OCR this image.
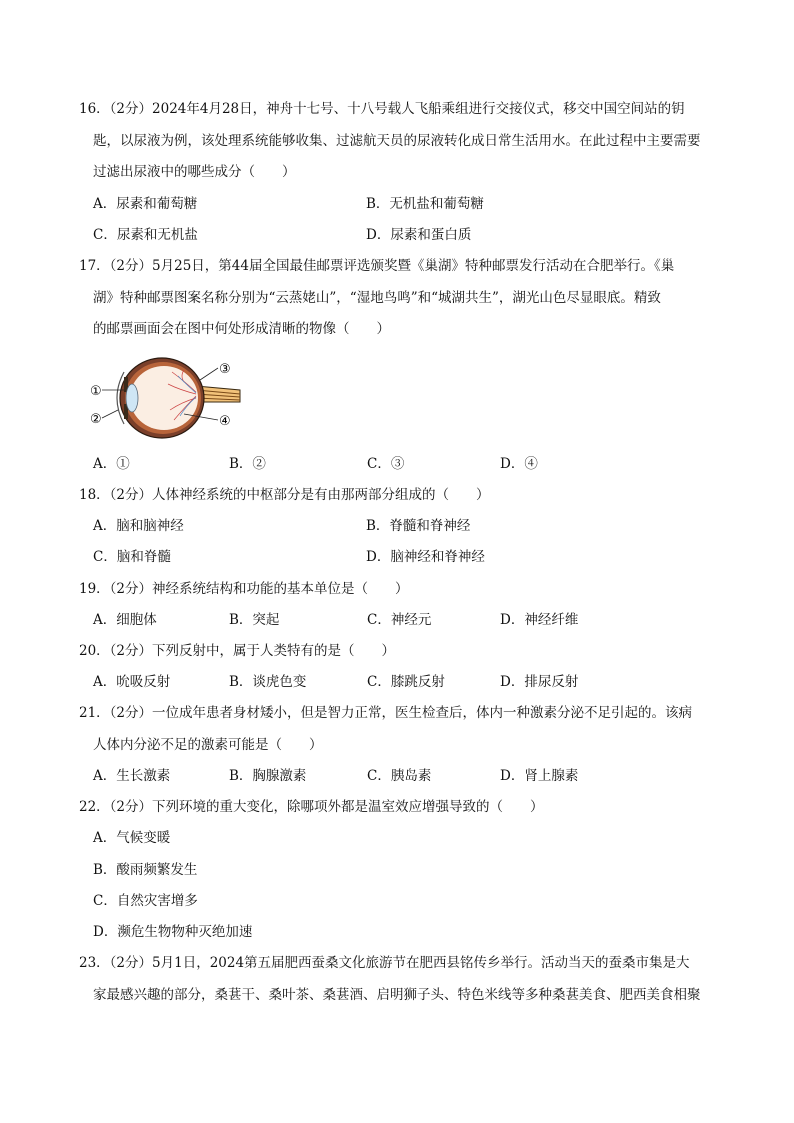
16．（2分）2024年4月28日，神舟十七号、十八号载人飞船乘组进行交接仪式，移交中国空间站的钥
匙，以尿液为例，该处理系统能够收集、过滤航天员的尿液转化成日常生活用水。在此过程中主要需要
过滤出尿液中的哪些成分（　　）
A．尿素和葡萄糖	B．无机盐和葡萄糖
C．尿素和无机盐	D．尿素和蛋白质
17．（2分）5月25日，第44届全国最佳邮票评选颁奖暨《巢湖》特种邮票发行活动在合肥举行。《巢
湖》特种邮票图案名称分别为“云蒸姥山”，“湿地鸟鸣”和“城湖共生”，湖光山色尽显眼底。精致
的邮票画面会在图中何处形成清晰的物像（　　）
①
②
③
④
A．①	B．②	C．③	D．④
18．（2分）人体神经系统的中枢部分是有由那两部分组成的（　　）
A．脑和脑神经	B．脊髓和脊神经
C．脑和脊髓	D．脑神经和脊神经
19．（2分）神经系统结构和功能的基本单位是（　　）
A．细胞体	B．突起	C．神经元	D．神经纤维
20．（2分）下列反射中，属于人类特有的是（　　）
A．吮吸反射	B．谈虎色变	C．膝跳反射	D．排尿反射
21．（2分）一位成年患者身材矮小，但是智力正常，医生检查后，体内一种激素分泌不足引起的。该病
人体内分泌不足的激素可能是（　　）
A．生长激素	B．胸腺激素	C．胰岛素	D．肾上腺素
22．（2分）下列环境的重大变化，除哪项外都是温室效应增强导致的（　　）
A．气候变暖
B．酸雨频繁发生
C．自然灾害增多
D．濒危生物物种灭绝加速
23．（2分）5月1日，2024第五届肥西蚕桑文化旅游节在肥西县铭传乡举行。活动当天的蚕桑市集是大
家最感兴趣的部分，桑葚干、桑叶茶、桑葚酒、启明狮子头、特色米线等多种桑葚美食、肥西美食相聚
